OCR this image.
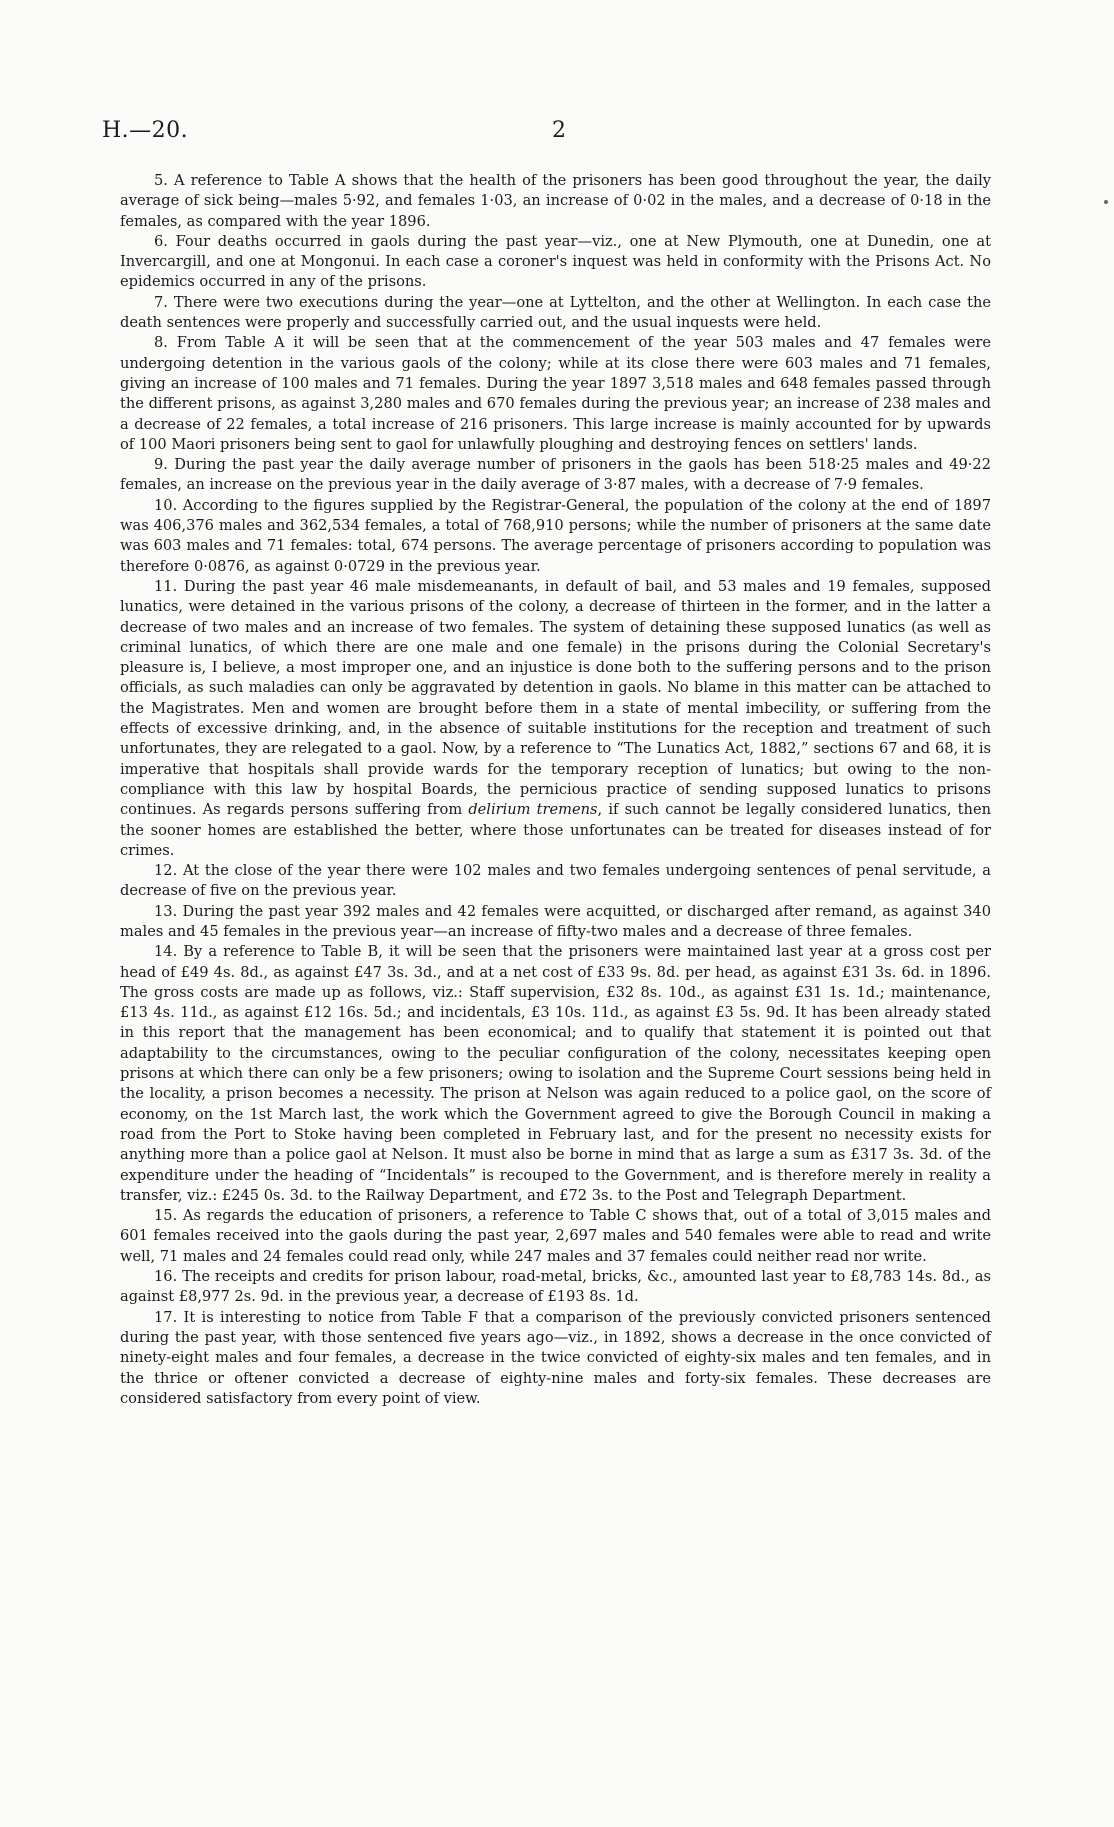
H.—20.	2

5. A reference to Table A shows that the health of the prisoners has been good throughout the year, the daily average of sick being—males 5·92, and females 1·03, an increase of 0·02 in the males, and a decrease of 0·18 in the females, as compared with the year 1896.

6. Four deaths occurred in gaols during the past year—viz., one at New Plymouth, one at Dunedin, one at Invercargill, and one at Mongonui. In each case a coroner's inquest was held in conformity with the Prisons Act. No epidemics occurred in any of the prisons.

7. There were two executions during the year—one at Lyttelton, and the other at Wellington. In each case the death sentences were properly and successfully carried out, and the usual inquests were held.

8. From Table A it will be seen that at the commencement of the year 503 males and 47 females were undergoing detention in the various gaols of the colony; while at its close there were 603 males and 71 females, giving an increase of 100 males and 71 females. During the year 1897 3,518 males and 648 females passed through the different prisons, as against 3,280 males and 670 females during the previous year; an increase of 238 males and a decrease of 22 females, a total increase of 216 prisoners. This large increase is mainly accounted for by upwards of 100 Maori prisoners being sent to gaol for unlawfully ploughing and destroying fences on settlers' lands.

9. During the past year the daily average number of prisoners in the gaols has been 518·25 males and 49·22 females, an increase on the previous year in the daily average of 3·87 males, with a decrease of 7·9 females.

10. According to the figures supplied by the Registrar-General, the population of the colony at the end of 1897 was 406,376 males and 362,534 females, a total of 768,910 persons; while the number of prisoners at the same date was 603 males and 71 females: total, 674 persons. The average percentage of prisoners according to population was therefore 0·0876, as against 0·0729 in the previous year.

11. During the past year 46 male misdemeanants, in default of bail, and 53 males and 19 females, supposed lunatics, were detained in the various prisons of the colony, a decrease of thirteen in the former, and in the latter a decrease of two males and an increase of two females. The system of detaining these supposed lunatics (as well as criminal lunatics, of which there are one male and one female) in the prisons during the Colonial Secretary's pleasure is, I believe, a most improper one, and an injustice is done both to the suffering persons and to the prison officials, as such maladies can only be aggravated by detention in gaols. No blame in this matter can be attached to the Magistrates. Men and women are brought before them in a state of mental imbecility, or suffering from the effects of excessive drinking, and, in the absence of suitable institutions for the reception and treatment of such unfortunates, they are relegated to a gaol. Now, by a reference to “The Lunatics Act, 1882,” sections 67 and 68, it is imperative that hospitals shall provide wards for the temporary reception of lunatics; but owing to the non-compliance with this law by hospital Boards, the pernicious practice of sending supposed lunatics to prisons continues. As regards persons suffering from delirium tremens, if such cannot be legally considered lunatics, then the sooner homes are established the better, where those unfortunates can be treated for diseases instead of for crimes.

12. At the close of the year there were 102 males and two females undergoing sentences of penal servitude, a decrease of five on the previous year.

13. During the past year 392 males and 42 females were acquitted, or discharged after remand, as against 340 males and 45 females in the previous year—an increase of fifty-two males and a decrease of three females.

14. By a reference to Table B, it will be seen that the prisoners were maintained last year at a gross cost per head of £49 4s. 8d., as against £47 3s. 3d., and at a net cost of £33 9s. 8d. per head, as against £31 3s. 6d. in 1896. The gross costs are made up as follows, viz.: Staff supervision, £32 8s. 10d., as against £31 1s. 1d.; maintenance, £13 4s. 11d., as against £12 16s. 5d.; and incidentals, £3 10s. 11d., as against £3 5s. 9d. It has been already stated in this report that the management has been economical; and to qualify that statement it is pointed out that adaptability to the circumstances, owing to the peculiar configuration of the colony, necessitates keeping open prisons at which there can only be a few prisoners; owing to isolation and the Supreme Court sessions being held in the locality, a prison becomes a necessity. The prison at Nelson was again reduced to a police gaol, on the score of economy, on the 1st March last, the work which the Government agreed to give the Borough Council in making a road from the Port to Stoke having been completed in February last, and for the present no necessity exists for anything more than a police gaol at Nelson. It must also be borne in mind that as large a sum as £317 3s. 3d. of the expenditure under the heading of “Incidentals” is recouped to the Government, and is therefore merely in reality a transfer, viz.: £245 0s. 3d. to the Railway Department, and £72 3s. to the Post and Telegraph Department.

15. As regards the education of prisoners, a reference to Table C shows that, out of a total of 3,015 males and 601 females received into the gaols during the past year, 2,697 males and 540 females were able to read and write well, 71 males and 24 females could read only, while 247 males and 37 females could neither read nor write.

16. The receipts and credits for prison labour, road-metal, bricks, &c., amounted last year to £8,783 14s. 8d., as against £8,977 2s. 9d. in the previous year, a decrease of £193 8s. 1d.

17. It is interesting to notice from Table F that a comparison of the previously convicted prisoners sentenced during the past year, with those sentenced five years ago—viz., in 1892, shows a decrease in the once convicted of ninety-eight males and four females, a decrease in the twice convicted of eighty-six males and ten females, and in the thrice or oftener convicted a decrease of eighty-nine males and forty-six females. These decreases are considered satisfactory from every point of view.
